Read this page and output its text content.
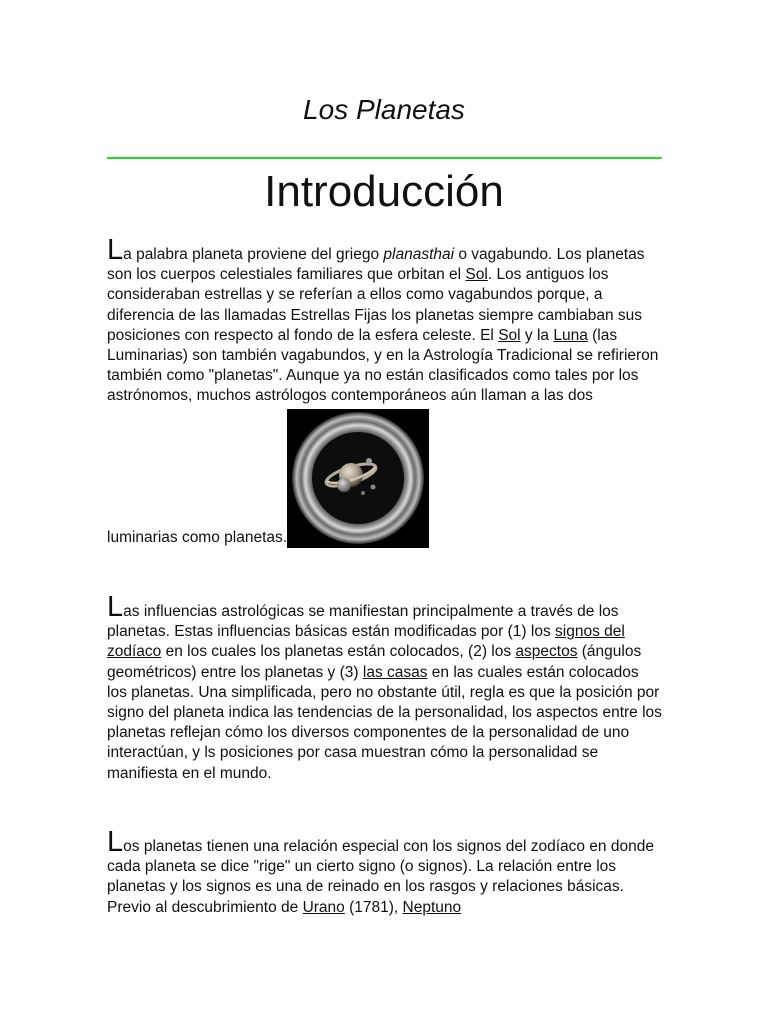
Los Planetas
Introducción

La palabra planeta proviene del griego planasthai o vagabundo. Los planetas son los cuerpos celestiales familiares que orbitan el Sol. Los antiguos los consideraban estrellas y se referían a ellos como vagabundos porque, a diferencia de las llamadas Estrellas Fijas los planetas siempre cambiaban sus posiciones con respecto al fondo de la esfera celeste. El Sol y la Luna (las Luminarias) son también vagabundos, y en la Astrología Tradicional se refirieron también como "planetas". Aunque ya no están clasificados como tales por los astrónomos, muchos astrólogos contemporáneos aún llaman a las dos
luminarias como planetas.

Las influencias astrológicas se manifiestan principalmente a través de los planetas. Estas influencias básicas están modificadas por (1) los signos del zodíaco en los cuales los planetas están colocados, (2) los aspectos (ángulos geométricos) entre los planetas y (3) las casas en las cuales están colocados los planetas. Una simplificada, pero no obstante útil, regla es que la posición por signo del planeta indica las tendencias de la personalidad, los aspectos entre los planetas reflejan cómo los diversos componentes de la personalidad de uno interactúan, y ls posiciones por casa muestran cómo la personalidad se manifiesta en el mundo.

Los planetas tienen una relación especial con los signos del zodíaco en donde cada planeta se dice "rige" un cierto signo (o signos). La relación entre los planetas y los signos es una de reinado en los rasgos y relaciones básicas. Previo al descubrimiento de Urano (1781), Neptuno
